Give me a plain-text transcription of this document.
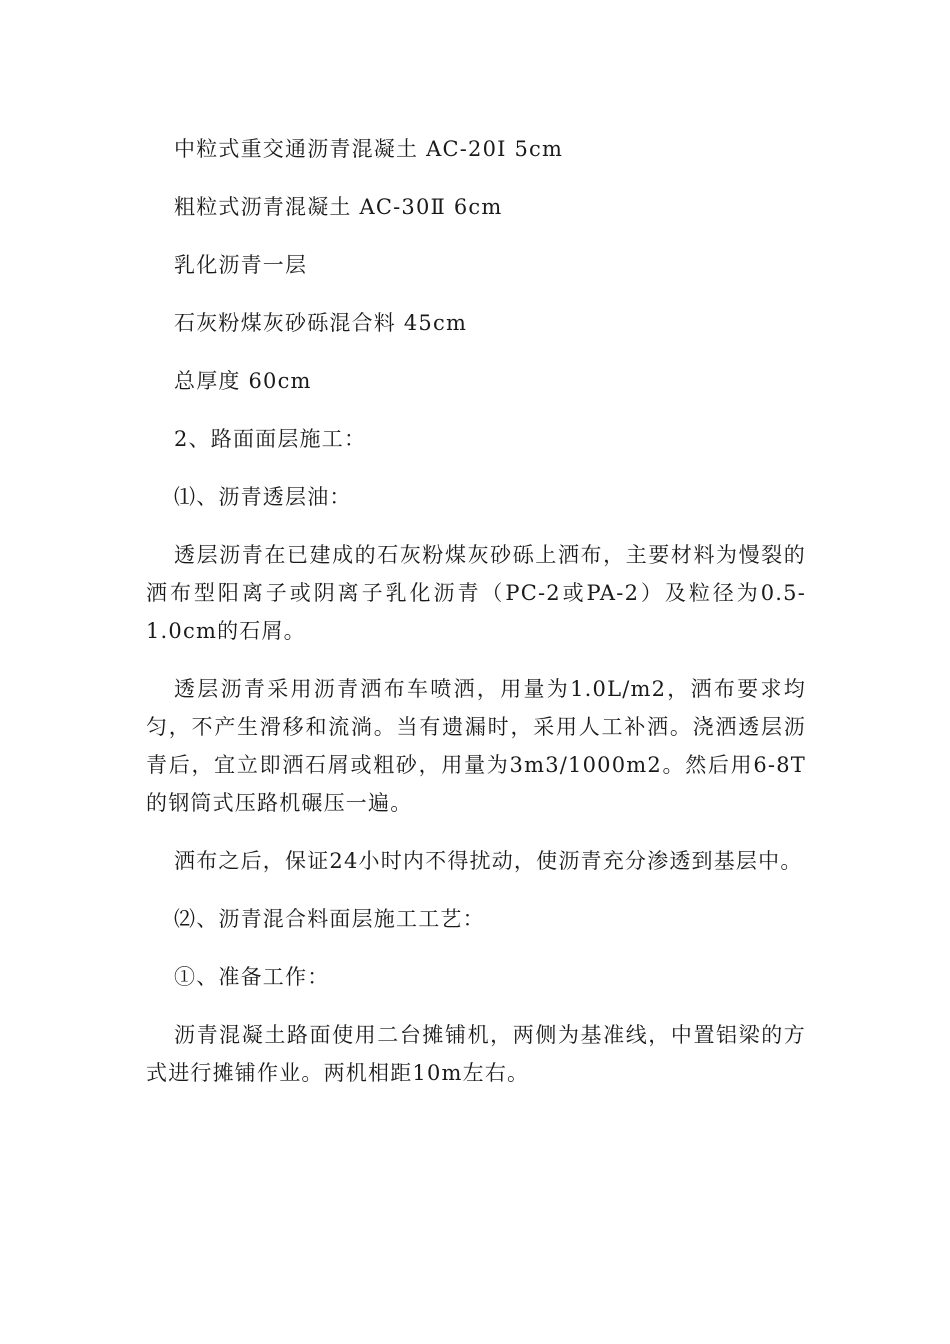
中粒式重交通沥青混凝土 AC-20I 5cm

粗粒式沥青混凝土 AC-30Ⅱ 6cm

乳化沥青一层

石灰粉煤灰砂砾混合料 45cm

总厚度 60cm

2、路面面层施工：

⑴、沥青透层油：

透层沥青在已建成的石灰粉煤灰砂砾上洒布，主要材料为慢裂的洒布型阳离子或阴离子乳化沥青（PC-2或PA-2）及粒径为0.5-1.0cm的石屑。

透层沥青采用沥青洒布车喷洒，用量为1.0L/m2，洒布要求均匀，不产生滑移和流淌。当有遗漏时，采用人工补洒。浇洒透层沥青后，宜立即洒石屑或粗砂，用量为3m3/1000m2。然后用6-8T的钢筒式压路机碾压一遍。

洒布之后，保证24小时内不得扰动，使沥青充分渗透到基层中。

⑵、沥青混合料面层施工工艺：

①、准备工作：

沥青混凝土路面使用二台摊铺机，两侧为基准线，中置铝梁的方式进行摊铺作业。两机相距10m左右。
